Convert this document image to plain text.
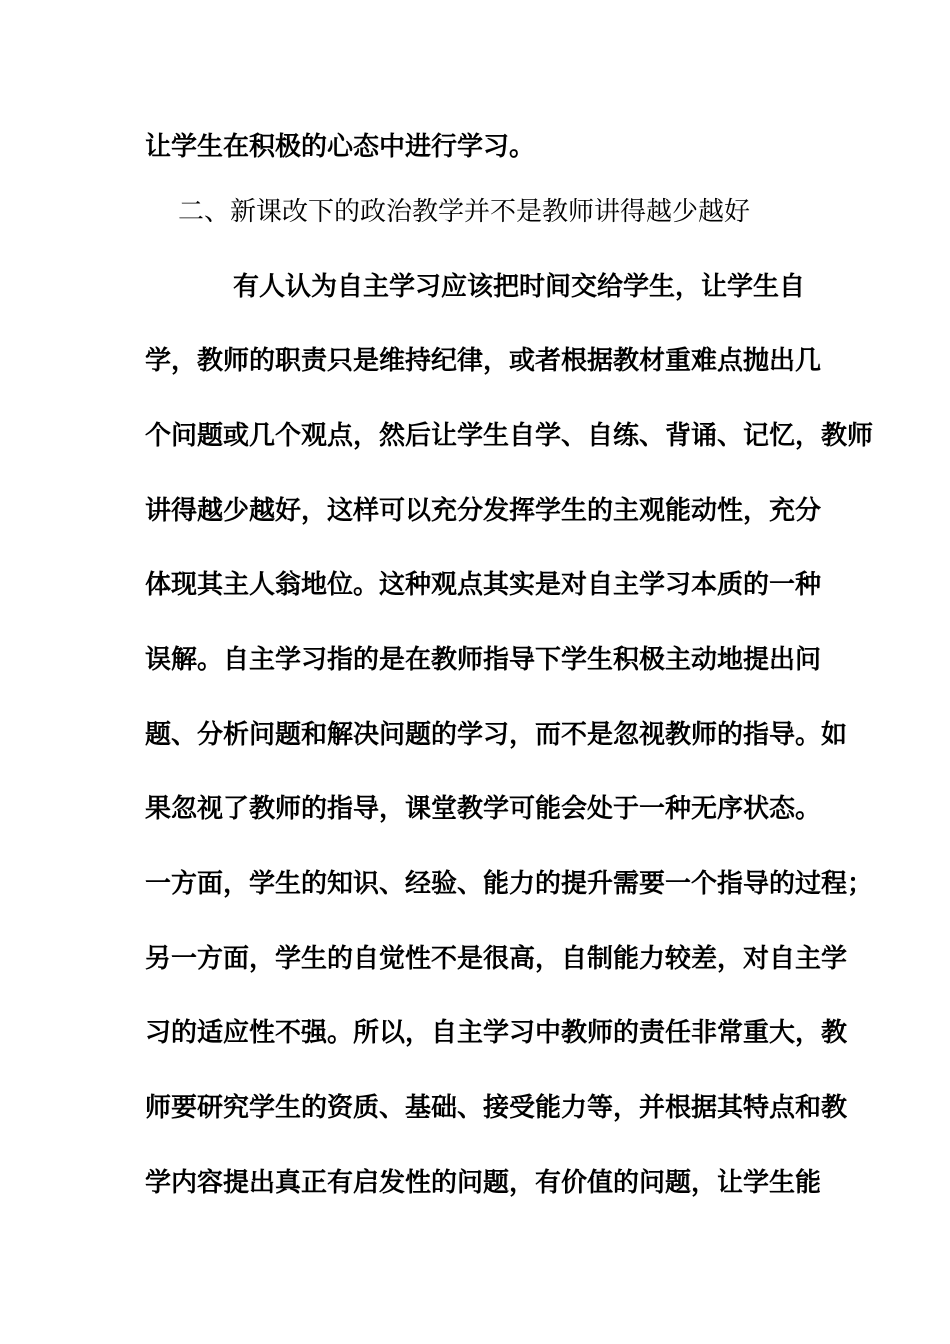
让学生在积极的心态中进行学习。
二、新课改下的政治教学并不是教师讲得越少越好
有人认为自主学习应该把时间交给学生，让学生自
学，教师的职责只是维持纪律，或者根据教材重难点抛出几
个问题或几个观点，然后让学生自学、自练、背诵、记忆，教师
讲得越少越好，这样可以充分发挥学生的主观能动性，充分
体现其主人翁地位。这种观点其实是对自主学习本质的一种
误解。自主学习指的是在教师指导下学生积极主动地提出问
题、分析问题和解决问题的学习，而不是忽视教师的指导。如
果忽视了教师的指导，课堂教学可能会处于一种无序状态。
一方面，学生的知识、经验、能力的提升需要一个指导的过程；
另一方面，学生的自觉性不是很高，自制能力较差，对自主学
习的适应性不强。所以，自主学习中教师的责任非常重大，教
师要研究学生的资质、基础、接受能力等，并根据其特点和教
学内容提出真正有启发性的问题，有价值的问题，让学生能
